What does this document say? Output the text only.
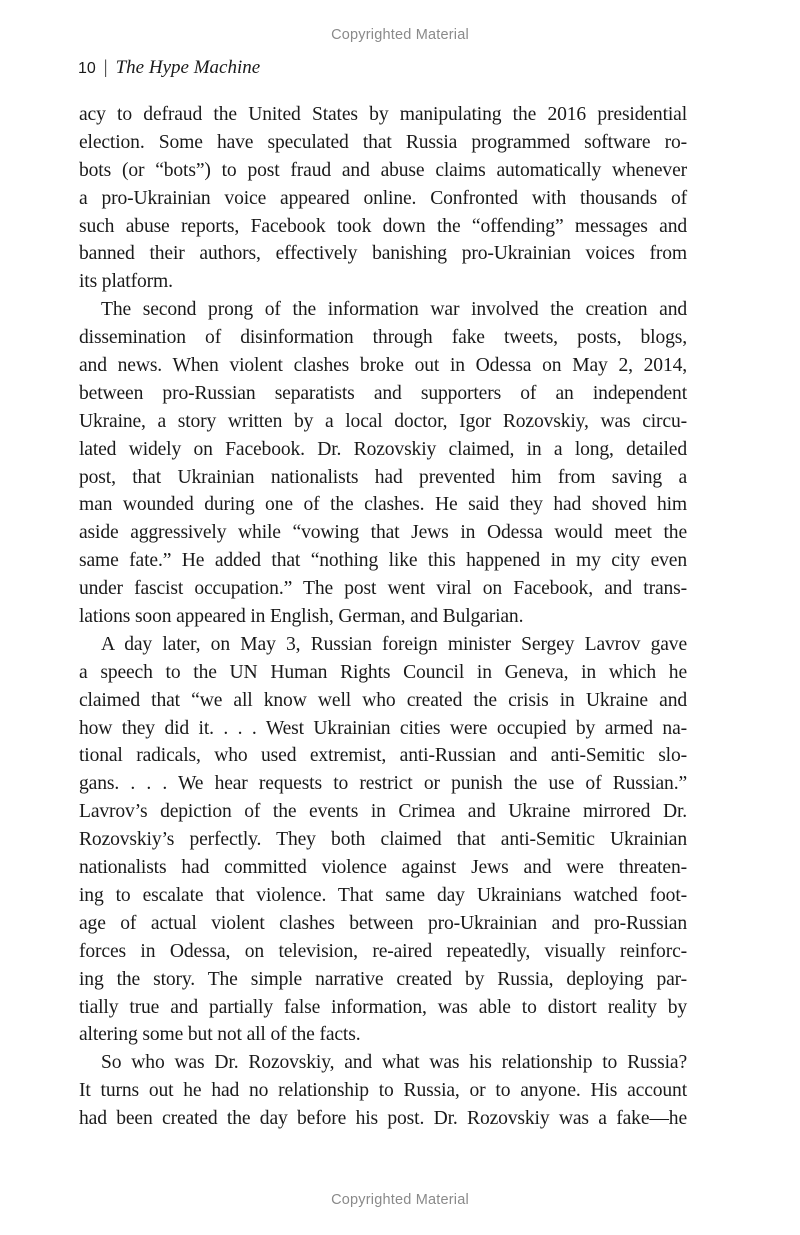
Copyrighted Material
10 | The Hype Machine
acy to defraud the United States by manipulating the 2016 presidential
election. Some have speculated that Russia programmed software ro-
bots (or “bots”) to post fraud and abuse claims automatically whenever
a pro-Ukrainian voice appeared online. Confronted with thousands of
such abuse reports, Facebook took down the “offending” messages and
banned their authors, effectively banishing pro-Ukrainian voices from
its platform.
The second prong of the information war involved the creation and
dissemination of disinformation through fake tweets, posts, blogs,
and news. When violent clashes broke out in Odessa on May 2, 2014,
between pro-Russian separatists and supporters of an independent
Ukraine, a story written by a local doctor, Igor Rozovskiy, was circu-
lated widely on Facebook. Dr. Rozovskiy claimed, in a long, detailed
post, that Ukrainian nationalists had prevented him from saving a
man wounded during one of the clashes. He said they had shoved him
aside aggressively while “vowing that Jews in Odessa would meet the
same fate.” He added that “nothing like this happened in my city even
under fascist occupation.” The post went viral on Facebook, and trans-
lations soon appeared in English, German, and Bulgarian.
A day later, on May 3, Russian foreign minister Sergey Lavrov gave
a speech to the UN Human Rights Council in Geneva, in which he
claimed that “we all know well who created the crisis in Ukraine and
how they did it. . . . West Ukrainian cities were occupied by armed na-
tional radicals, who used extremist, anti-Russian and anti-Semitic slo-
gans. . . . We hear requests to restrict or punish the use of Russian.”
Lavrov’s depiction of the events in Crimea and Ukraine mirrored Dr.
Rozovskiy’s perfectly. They both claimed that anti-Semitic Ukrainian
nationalists had committed violence against Jews and were threaten-
ing to escalate that violence. That same day Ukrainians watched foot-
age of actual violent clashes between pro-Ukrainian and pro-Russian
forces in Odessa, on television, re-aired repeatedly, visually reinforc-
ing the story. The simple narrative created by Russia, deploying par-
tially true and partially false information, was able to distort reality by
altering some but not all of the facts.
So who was Dr. Rozovskiy, and what was his relationship to Russia?
It turns out he had no relationship to Russia, or to anyone. His account
had been created the day before his post. Dr. Rozovskiy was a fake—he
Copyrighted Material
